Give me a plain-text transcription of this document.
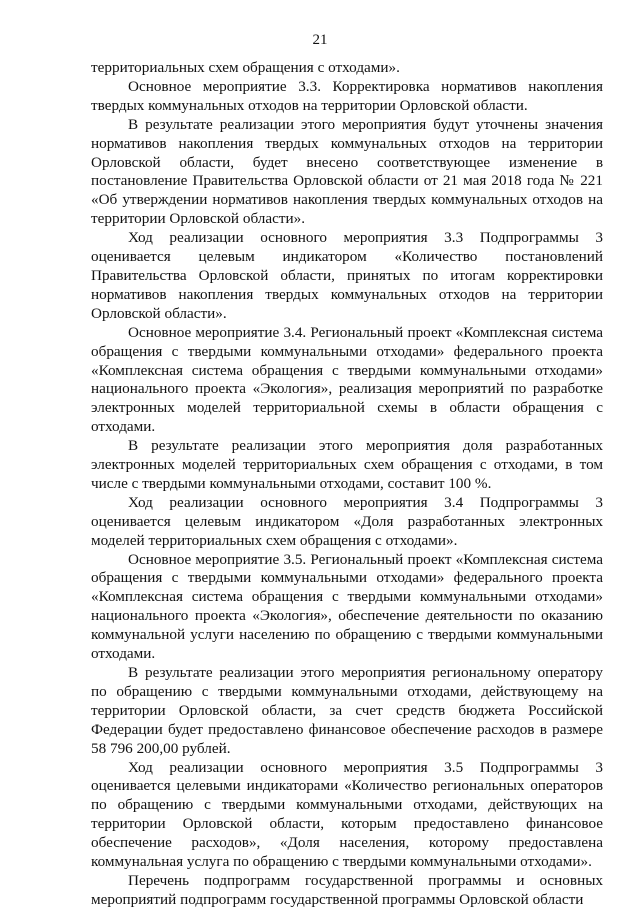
21

территориальных схем обращения с отходами».

Основное мероприятие 3.3. Корректировка нормативов накопления твердых коммунальных отходов на территории Орловской области.

В результате реализации этого мероприятия будут уточнены значения нормативов накопления твердых коммунальных отходов на территории Орловской области, будет внесено соответствующее изменение в постановление Правительства Орловской области от 21 мая 2018 года № 221 «Об утверждении нормативов накопления твердых коммунальных отходов на территории Орловской области».

Ход реализации основного мероприятия 3.3 Подпрограммы 3 оценивается целевым индикатором «Количество постановлений Правительства Орловской области, принятых по итогам корректировки нормативов накопления твердых коммунальных отходов на территории Орловской области».

Основное мероприятие 3.4. Региональный проект «Комплексная система обращения с твердыми коммунальными отходами» федерального проекта «Комплексная система обращения с твердыми коммунальными отходами» национального проекта «Экология», реализация мероприятий по разработке электронных моделей территориальной схемы в области обращения с отходами.

В результате реализации этого мероприятия доля разработанных электронных моделей территориальных схем обращения с отходами, в том числе с твердыми коммунальными отходами, составит 100 %.

Ход реализации основного мероприятия 3.4 Подпрограммы 3 оценивается целевым индикатором «Доля разработанных электронных моделей территориальных схем обращения с отходами».

Основное мероприятие 3.5. Региональный проект «Комплексная система обращения с твердыми коммунальными отходами» федерального проекта «Комплексная система обращения с твердыми коммунальными отходами» национального проекта «Экология», обеспечение деятельности по оказанию коммунальной услуги населению по обращению с твердыми коммунальными отходами.

В результате реализации этого мероприятия региональному оператору по обращению с твердыми коммунальными отходами, действующему на территории Орловской области, за счет средств бюджета Российской Федерации будет предоставлено финансовое обеспечение расходов в размере 58 796 200,00 рублей.

Ход реализации основного мероприятия 3.5 Подпрограммы 3 оценивается целевыми индикаторами «Количество региональных операторов по обращению с твердыми коммунальными отходами, действующих на территории Орловской области, которым предоставлено финансовое обеспечение расходов», «Доля населения, которому предоставлена коммунальная услуга по обращению с твердыми коммунальными отходами».

Перечень подпрограмм государственной программы и основных мероприятий подпрограмм государственной программы Орловской области
